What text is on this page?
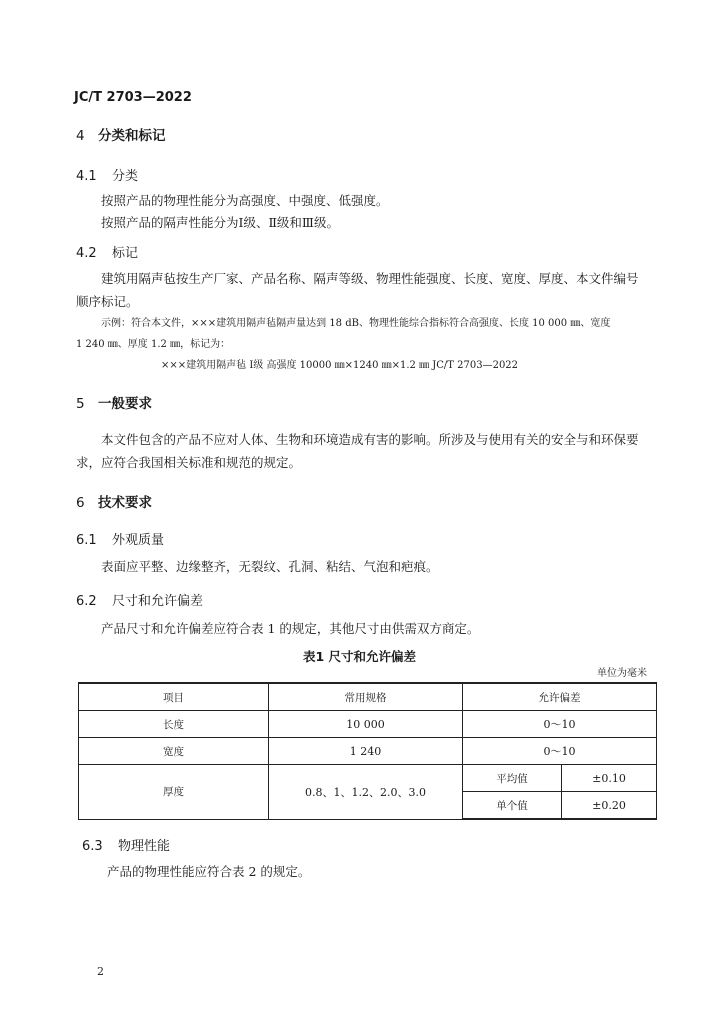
JC/T 2703—2022
4 分类和标记
4.1 分类
按照产品的物理性能分为高强度、中强度、低强度。
按照产品的隔声性能分为Ⅰ级、Ⅱ级和Ⅲ级。
4.2 标记
建筑用隔声毡按生产厂家、产品名称、隔声等级、物理性能强度、长度、宽度、厚度、本文件编号
顺序标记。
示例：符合本文件，×××建筑用隔声毡隔声量达到 18 dB、物理性能综合指标符合高强度、长度 10 000 ㎜、宽度
1 240 ㎜、厚度 1.2 ㎜，标记为：
×××建筑用隔声毡 Ⅰ级 高强度 10000 ㎜×1240 ㎜×1.2 ㎜ JC/T 2703—2022
5 一般要求
本文件包含的产品不应对人体、生物和环境造成有害的影响。所涉及与使用有关的安全与和环保要
求，应符合我国相关标准和规范的规定。
6 技术要求
6.1 外观质量
表面应平整、边缘整齐，无裂纹、孔洞、粘结、气泡和疤痕。
6.2 尺寸和允许偏差
产品尺寸和允许偏差应符合表 1 的规定，其他尺寸由供需双方商定。
表1 尺寸和允许偏差
单位为毫米
项目	常用规格	允许偏差	
长度	10 000	0～10	
宽度	1 240	0～10	
厚度	0.8、1、1.2、2.0、3.0	平均值	±0.10
		单个值	±0.20
6.3 物理性能
产品的物理性能应符合表 2 的规定。
2
